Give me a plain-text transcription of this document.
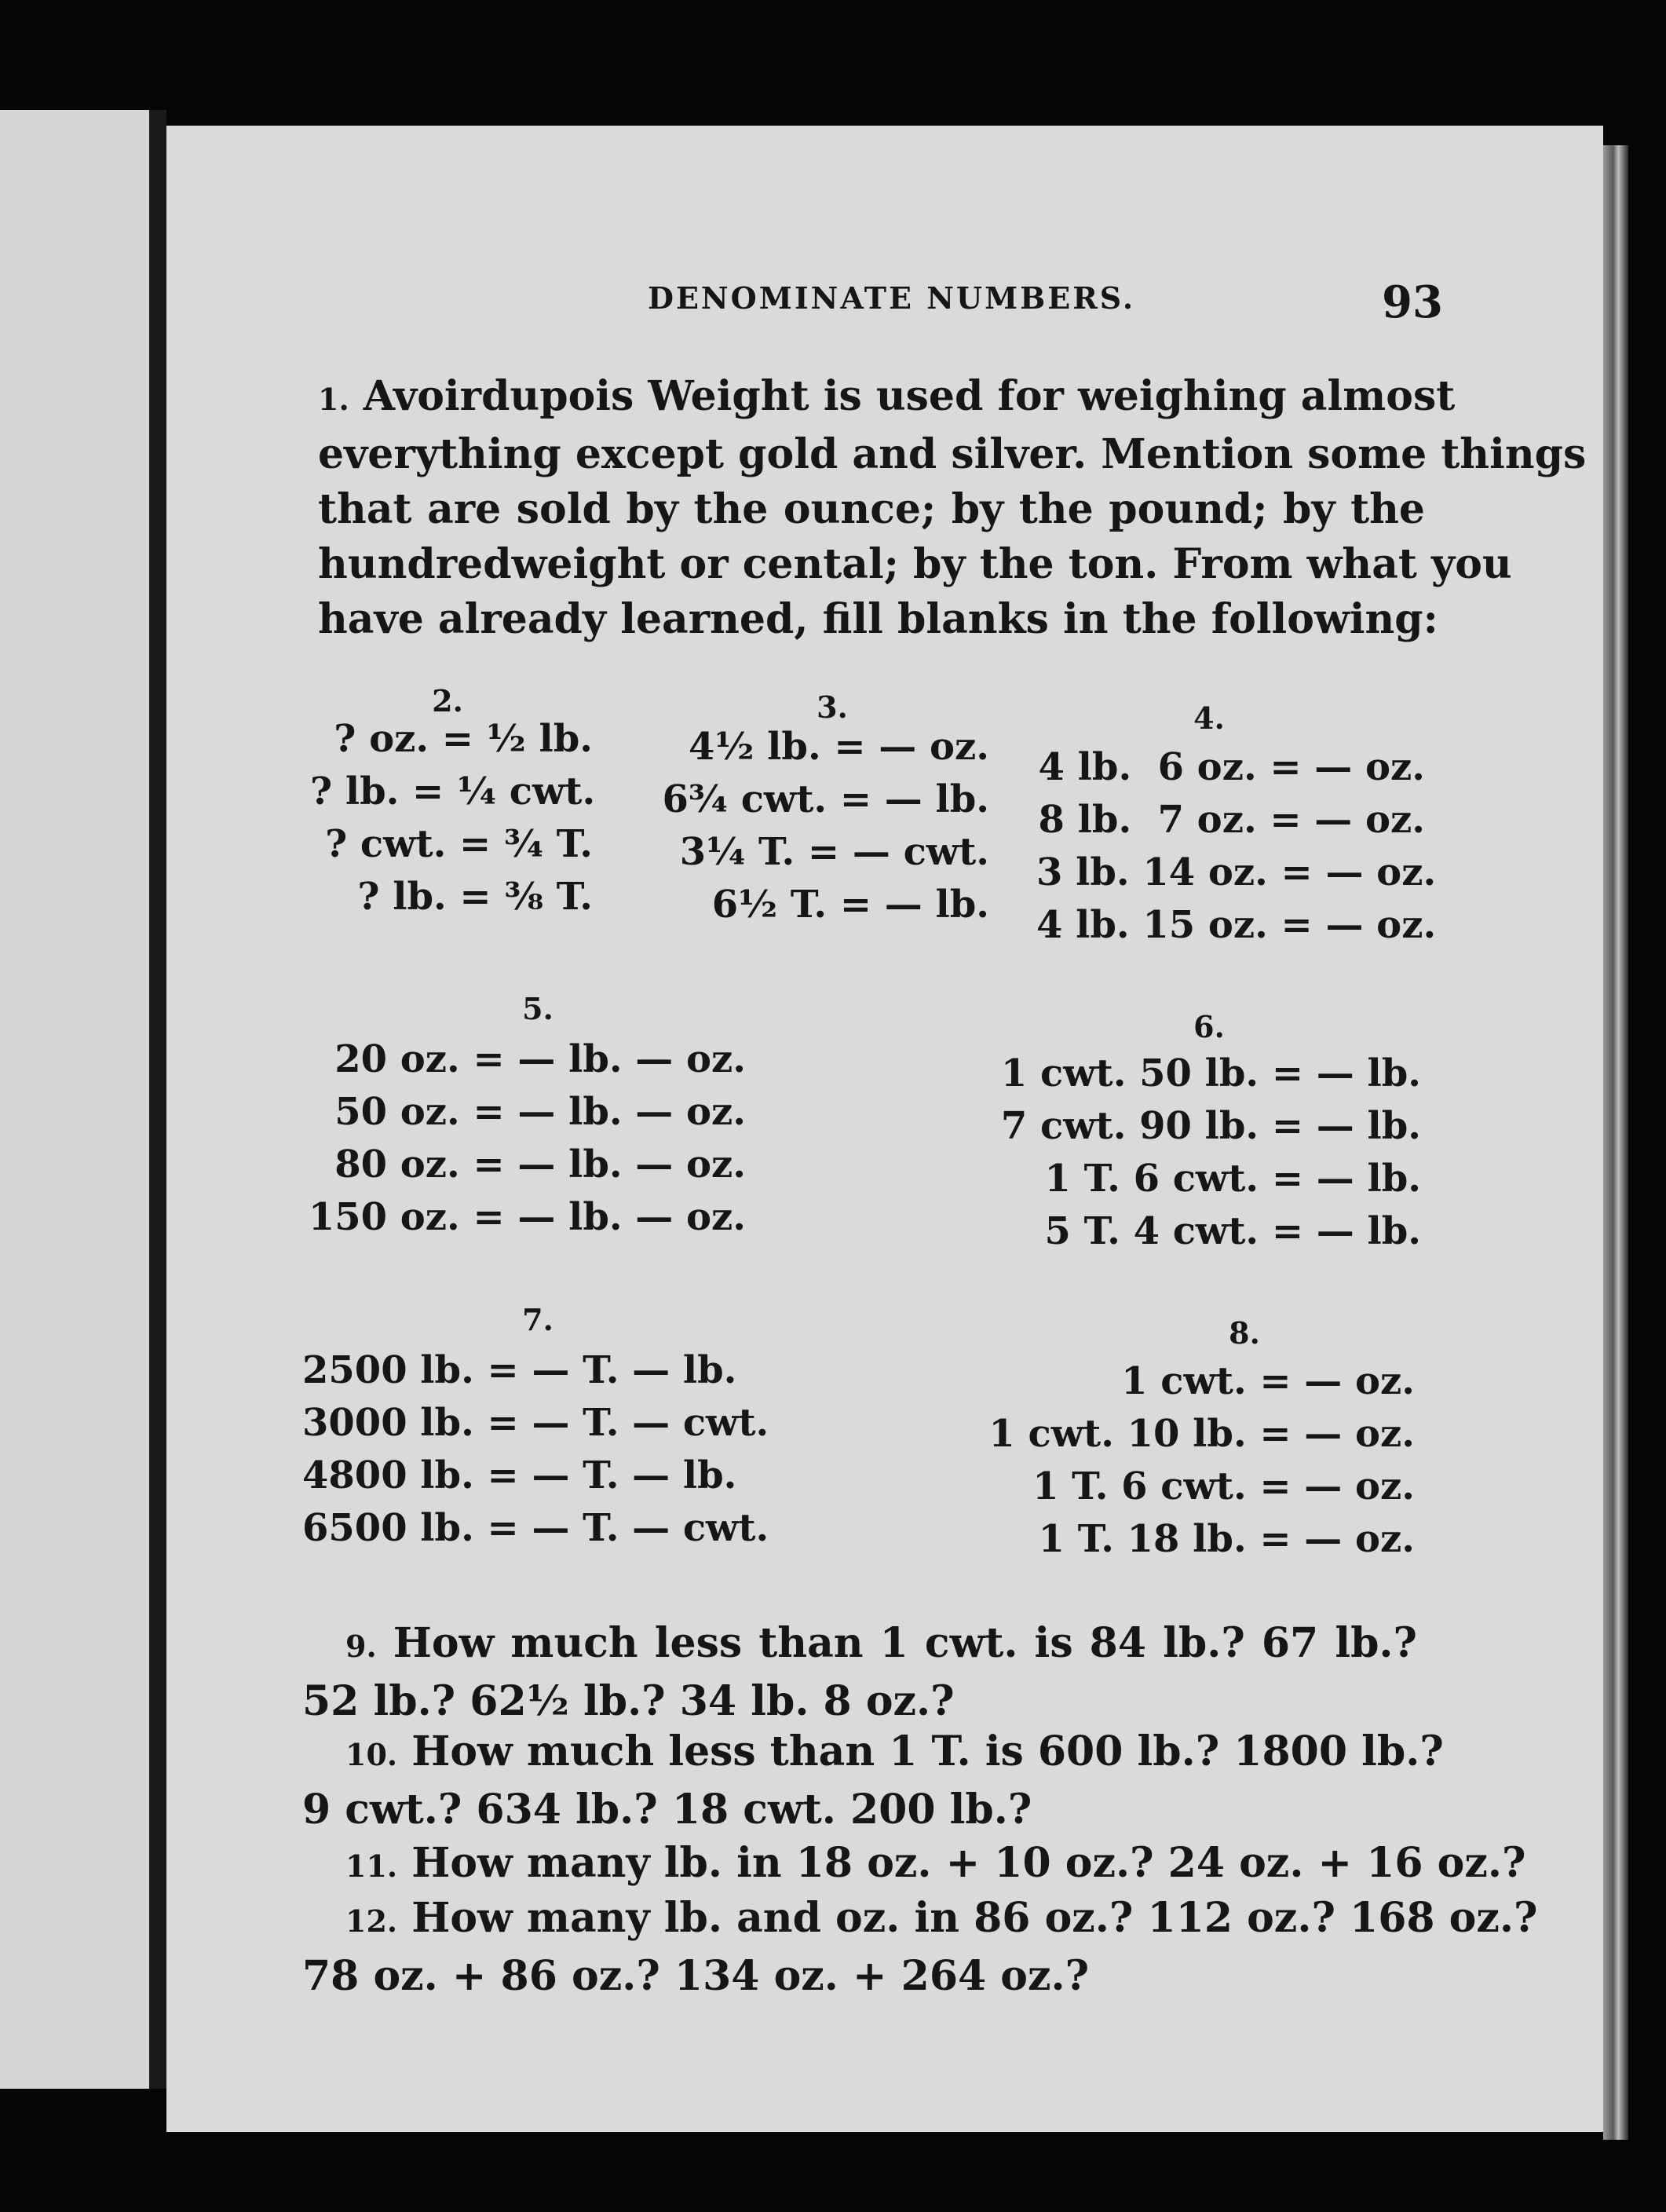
DENOMINATE NUMBERS.	93
1. Avoirdupois Weight is used for weighing almost
everything except gold and silver. Mention some things
that are sold by the ounce; by the pound; by the
hundredweight or cental; by the ton. From what you
have already learned, fill blanks in the following:
2.
? oz. = ½ lb.
? lb. = ¼ cwt.
? cwt. = ¾ T.
? lb. = ⅜ T.
3.
4½ lb. = — oz.
6¾ cwt. = — lb.
3¼ T. = — cwt.
6½ T. = — lb.
4.
4 lb.  6 oz. = — oz.
8 lb.  7 oz. = — oz.
3 lb. 14 oz. = — oz.
4 lb. 15 oz. = — oz.
5.
20 oz. = — lb. — oz.
50 oz. = — lb. — oz.
80 oz. = — lb. — oz.
150 oz. = — lb. — oz.
6.
1 cwt. 50 lb. = — lb.
7 cwt. 90 lb. = — lb.
1 T. 6 cwt. = — lb.
5 T. 4 cwt. = — lb.
7.
2500 lb. = — T. — lb.
3000 lb. = — T. — cwt.
4800 lb. = — T. — lb.
6500 lb. = — T. — cwt.
8.
1 cwt. = — oz.
1 cwt. 10 lb. = — oz.
1 T. 6 cwt. = — oz.
1 T. 18 lb. = — oz.
9. How much less than 1 cwt. is 84 lb.? 67 lb.?
52 lb.? 62½ lb.? 34 lb. 8 oz.?
10. How much less than 1 T. is 600 lb.? 1800 lb.?
9 cwt.? 634 lb.? 18 cwt. 200 lb.?
11. How many lb. in 18 oz. + 10 oz.? 24 oz. + 16 oz.?
12. How many lb. and oz. in 86 oz.? 112 oz.? 168 oz.?
78 oz. + 86 oz.? 134 oz. + 264 oz.?
